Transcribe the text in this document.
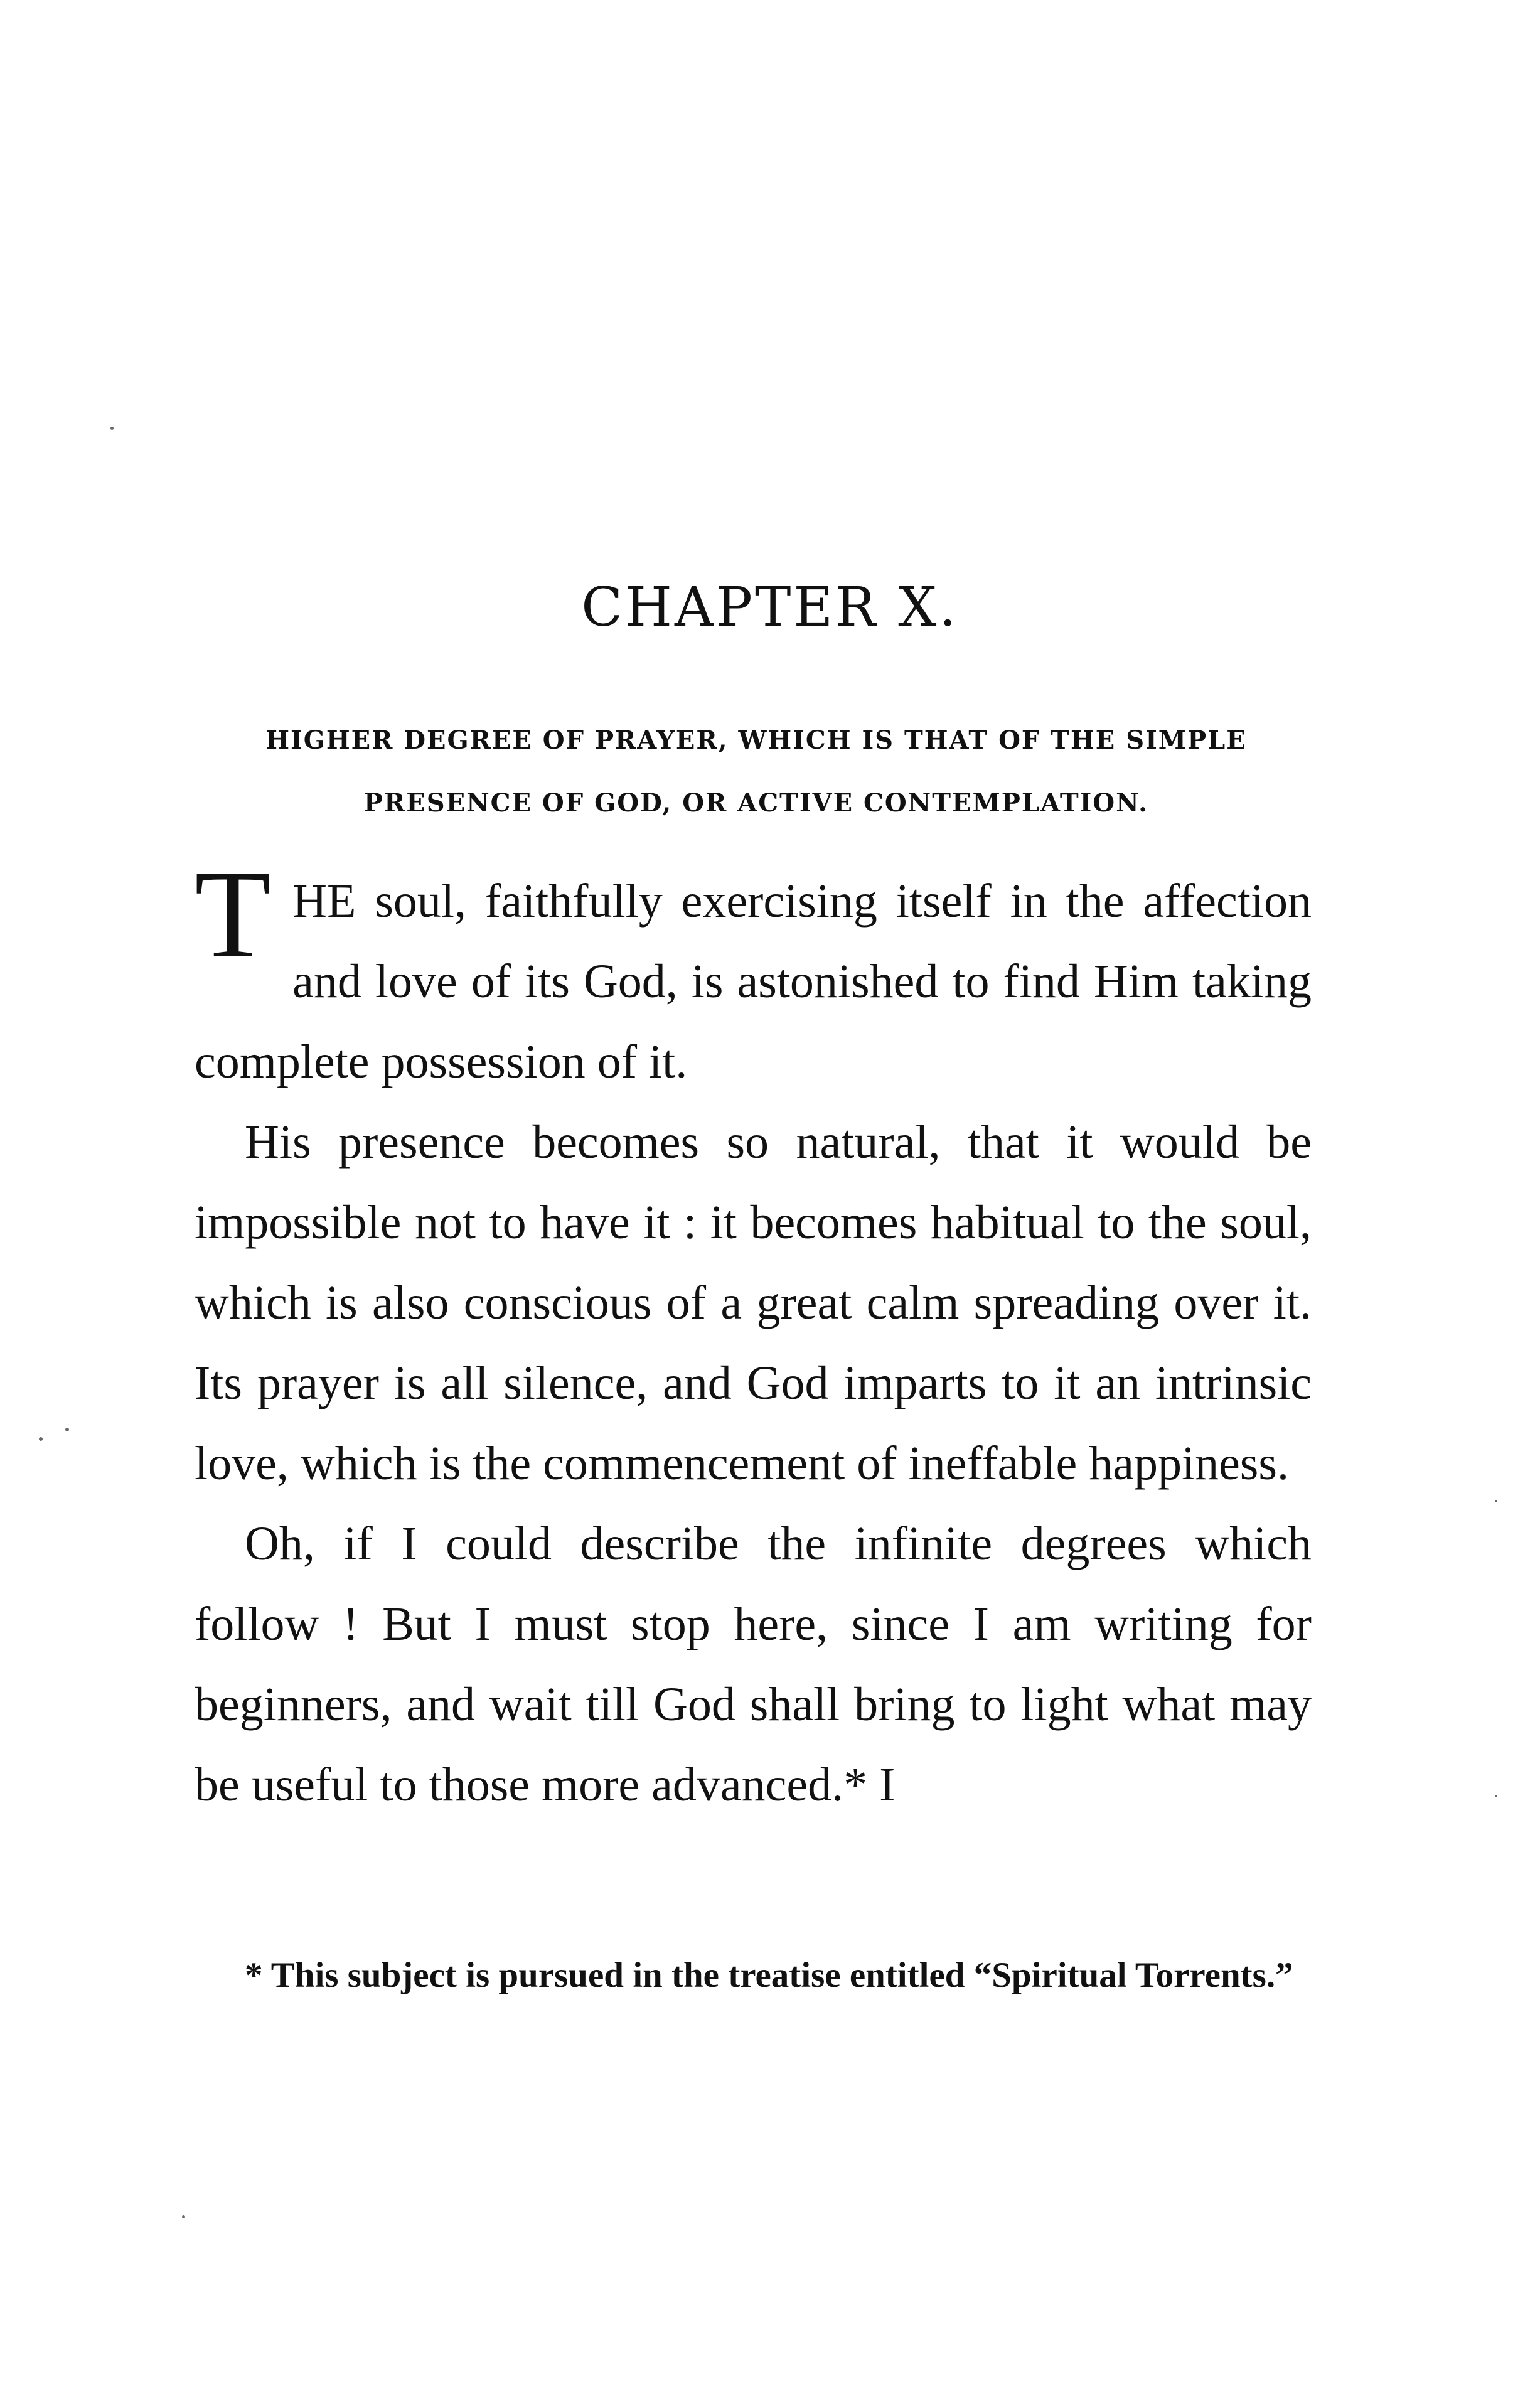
CHAPTER X.
HIGHER DEGREE OF PRAYER, WHICH IS THAT OF THE SIMPLE PRESENCE OF GOD, OR ACTIVE CONTEMPLATION.

THE soul, faithfully exercising itself in the affection and love of its God, is astonished to find Him taking complete possession of it.

His presence becomes so natural, that it would be impossible not to have it : it becomes habitual to the soul, which is also conscious of a great calm spreading over it. Its prayer is all silence, and God imparts to it an intrinsic love, which is the commencement of ineffable happiness.

Oh, if I could describe the infinite degrees which follow ! But I must stop here, since I am writing for beginners, and wait till God shall bring to light what may be useful to those more advanced.* I

* This subject is pursued in the treatise entitled “Spiritual Torrents.”
